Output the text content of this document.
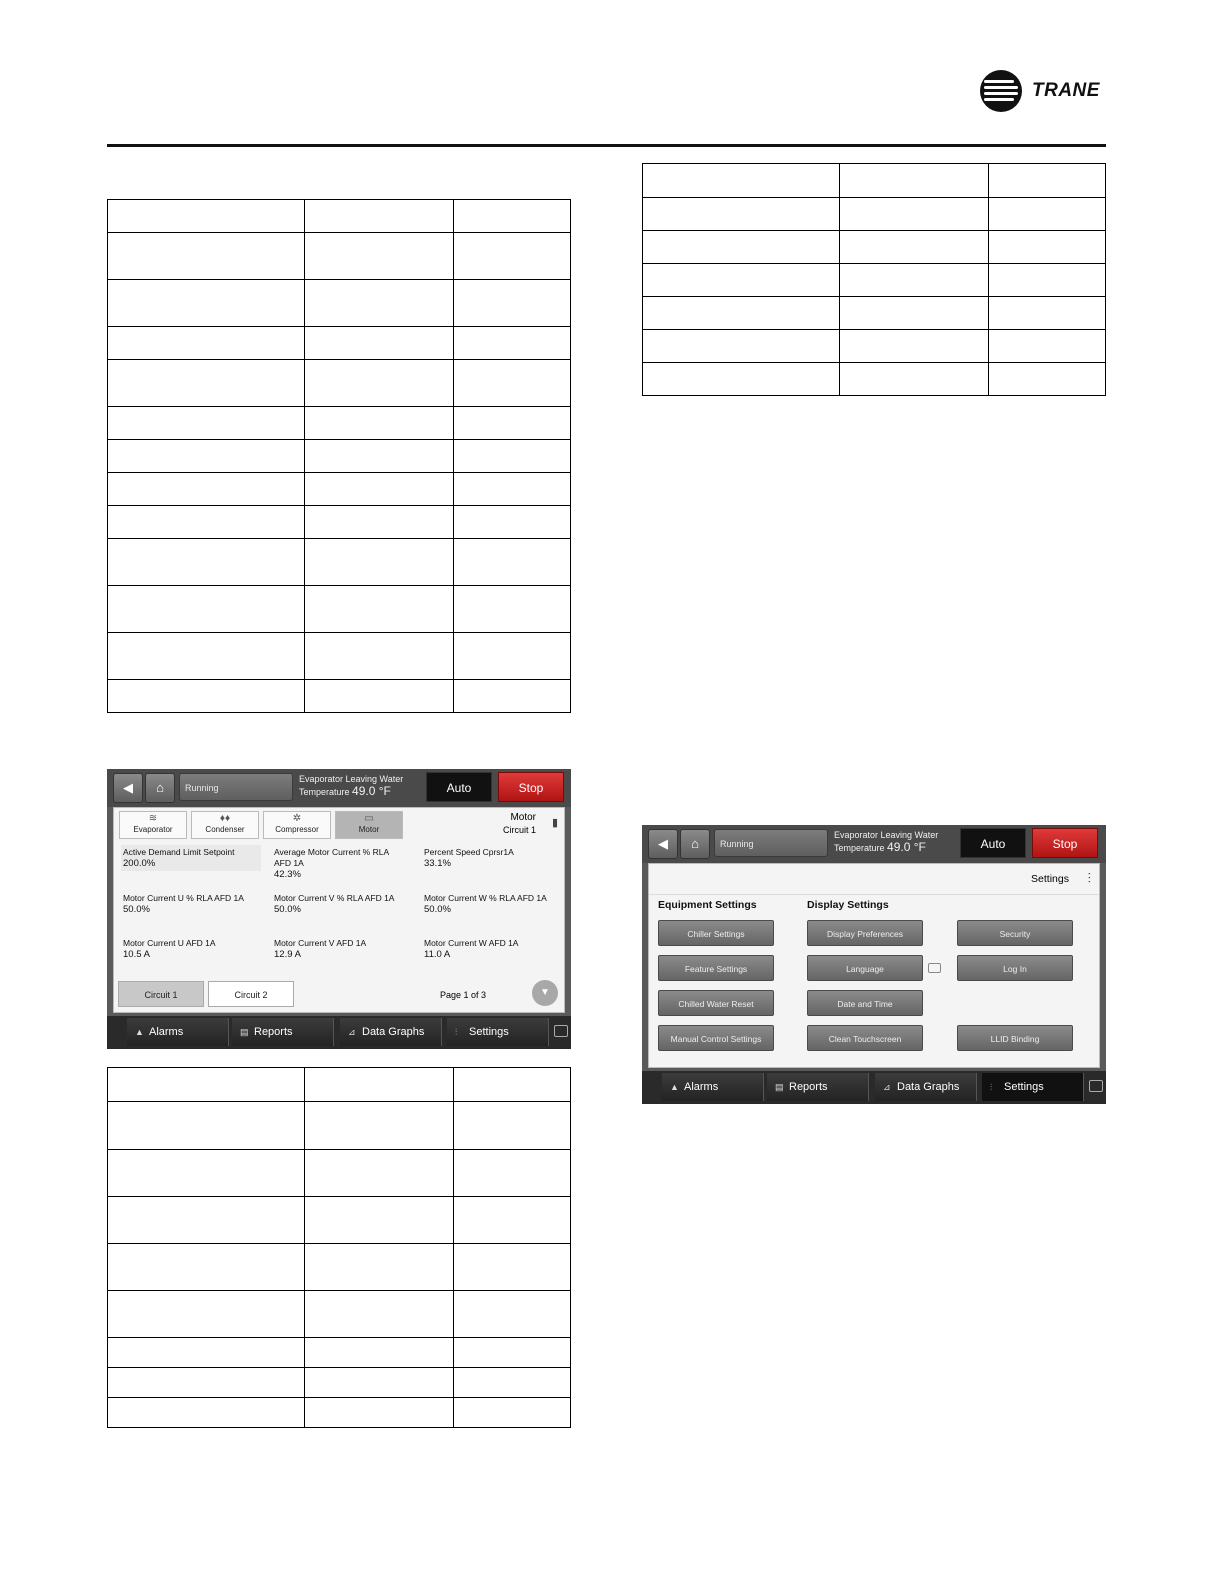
TRANE

◀	⌂	Running
Evaporator Leaving Water
Temperature 49.0 °F	Auto	Stop
≋
Evaporator
♦♦
Condenser
✲
Compressor
▭
Motor
Motor
Circuit 1
▮
Active Demand Limit Setpoint
200.0%
Average Motor Current % RLA AFD 1A
42.3%
Percent Speed Cprsr1A
33.1%
Motor Current U % RLA AFD 1A
50.0%
Motor Current V % RLA AFD 1A
50.0%
Motor Current W % RLA AFD 1A
50.0%
Motor Current U AFD 1A
10.5 A
Motor Current V AFD 1A
12.9 A
Motor Current W AFD 1A
11.0 A
Circuit 1	Circuit 2	Page 1 of 3	▼
▲ Alarms	▤ Reports	⊿ Data Graphs	⫶ Settings
◀	⌂	Running
Evaporator Leaving Water
Temperature 49.0 °F	Auto	Stop
Settings ⫶
Equipment Settings	Display Settings
Chiller Settings
Feature Settings
Chilled Water Reset
Manual Control Settings
Display Preferences
Language
Date and Time
Clean Touchscreen
Security
Log In
LLID Binding
▲ Alarms	▤ Reports	⊿ Data Graphs	⫶ Settings
